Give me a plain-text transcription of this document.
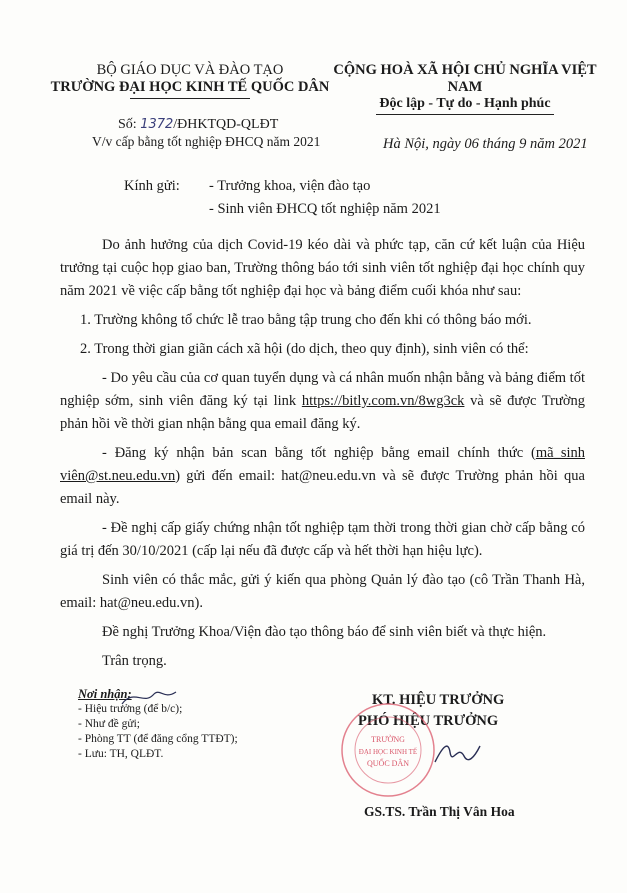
BỘ GIÁO DỤC VÀ ĐÀO TẠO
TRƯỜNG ĐẠI HỌC KINH TẾ QUỐC DÂN
CỘNG HOÀ XÃ HỘI CHỦ NGHĨA VIỆT NAM
Độc lập - Tự do - Hạnh phúc
Số: 1372/ĐHKTQD-QLĐT
V/v cấp bằng tốt nghiệp ĐHCQ năm 2021	Hà Nội, ngày 06 tháng 9 năm 2021
Kính gửi: - Trưởng khoa, viện đào tạo
- Sinh viên ĐHCQ tốt nghiệp năm 2021

Do ảnh hưởng của dịch Covid-19 kéo dài và phức tạp, căn cứ kết luận của Hiệu trưởng tại cuộc họp giao ban, Trường thông báo tới sinh viên tốt nghiệp đại học chính quy năm 2021 về việc cấp bằng tốt nghiệp đại học và bảng điểm cuối khóa như sau:

1. Trường không tổ chức lễ trao bằng tập trung cho đến khi có thông báo mới.

2. Trong thời gian giãn cách xã hội (do dịch, theo quy định), sinh viên có thể:

- Do yêu cầu của cơ quan tuyển dụng và cá nhân muốn nhận bằng và bảng điểm tốt nghiệp sớm, sinh viên đăng ký tại link https://bitly.com.vn/8wg3ck và sẽ được Trường phản hồi về thời gian nhận bằng qua email đăng ký.

- Đăng ký nhận bản scan bằng tốt nghiệp bằng email chính thức (mã_sinh viên@st.neu.edu.vn) gửi đến email: hat@neu.edu.vn và sẽ được Trường phản hồi qua email này.

- Đề nghị cấp giấy chứng nhận tốt nghiệp tạm thời trong thời gian chờ cấp bằng có giá trị đến 30/10/2021 (cấp lại nếu đã được cấp và hết thời hạn hiệu lực).

Sinh viên có thắc mắc, gửi ý kiến qua phòng Quản lý đào tạo (cô Trần Thanh Hà, email: hat@neu.edu.vn).

Đề nghị Trưởng Khoa/Viện đào tạo thông báo để sinh viên biết và thực hiện.

Trân trọng.

Nơi nhận:
- Hiệu trưởng (để b/c);
- Như đề gửi;
- Phòng TT (để đăng cổng TTĐT);
- Lưu: TH, QLĐT.
KT. HIỆU TRƯỞNG
PHÓ HIỆU TRƯỞNG
TRƯỜNG
ĐẠI HỌC KINH TẾ
QUỐC DÂN
GS.TS. Trần Thị Vân Hoa
